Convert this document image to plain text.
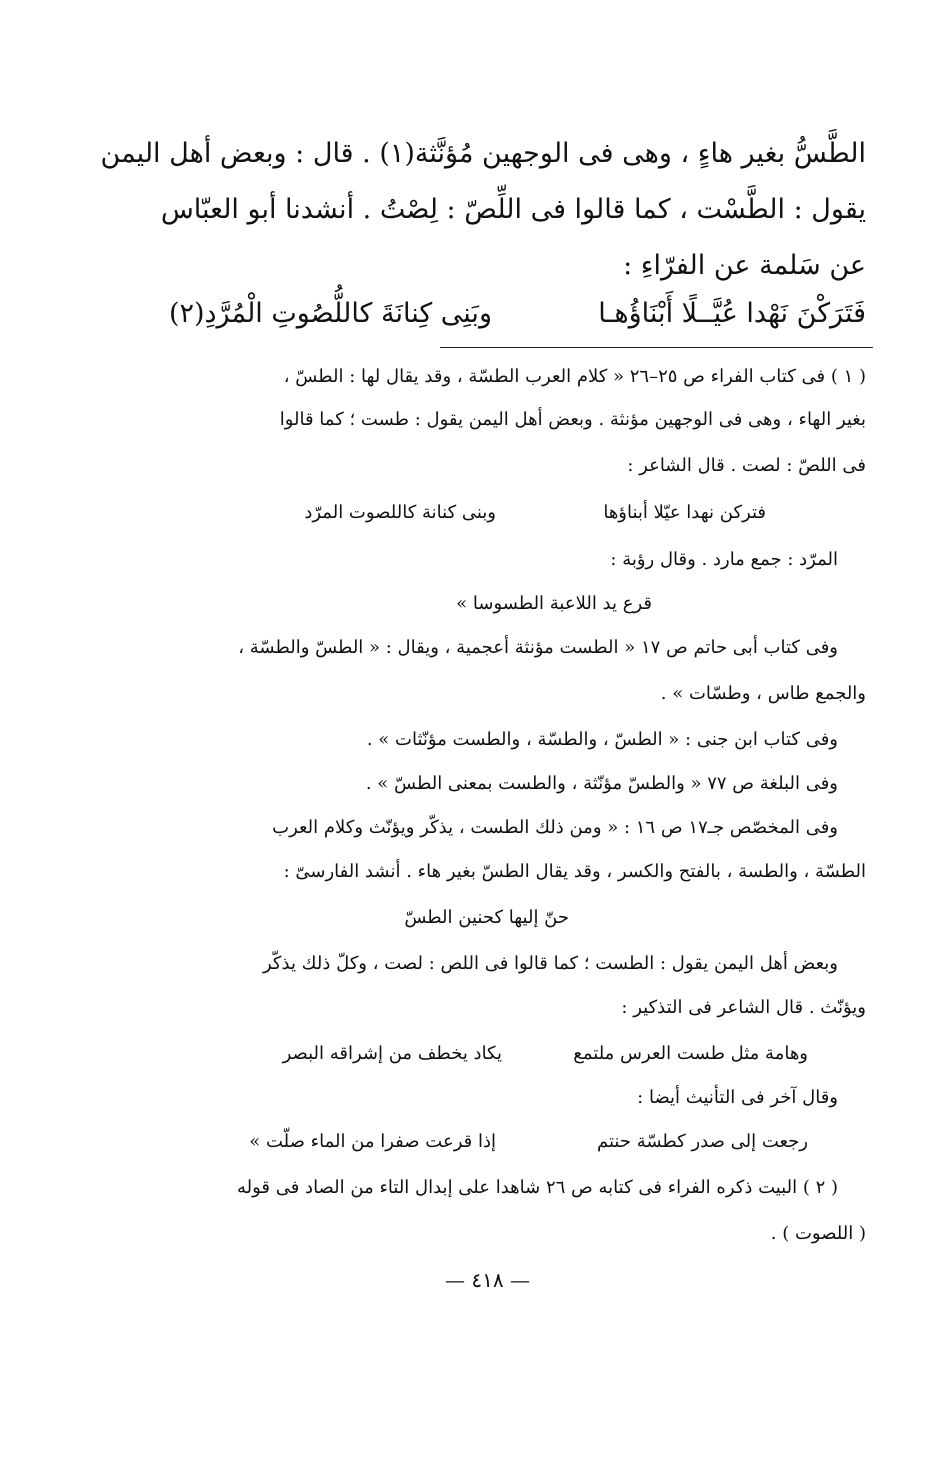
الطَّسُّ بغير هاءٍ ، وهى فى الوجهين مُؤنَّثة(١) . قال : وبعض أهل اليمن
يقول : الطَّسْت ، كما قالوا فى اللِّصّ : لِصْتُ . أنشدنا أبو العبّاس
عن سَلمة عن الفرّاءِ :
فَتَرَكْنَ نَهْدا عُيَّــلًا أَبْنَاؤُهـا
وبَنِى كِنانَةَ كاللُّصُوتِ الْمُرَّدِ(٢)
( ١ ) فى كتاب الفراء ص ٢٥–٢٦ « كلام العرب الطسّة ، وقد يقال لها : الطسّ ،
بغير الهاء ، وهى فى الوجهين مؤنثة . وبعض أهل اليمن يقول : طست ؛ كما قالوا
فى اللصّ : لصت . قال الشاعر :
فتركن نهدا عيّلا أبناؤها
وبنى كنانة كاللصوت المرّد
المرّد : جمع مارد . وقال رؤبة :
قرع يد اللاعبة الطسوسا »
وفى كتاب أبى حاتم ص ١٧ « الطست مؤنثة أعجمية ، ويقال : « الطسّ والطسّة ،
والجمع طاس ، وطسّات » .
وفى كتاب ابن جنى : « الطسّ ، والطسّة ، والطست مؤنّثات » .
وفى البلغة ص ٧٧ « والطسّ مؤنّثة ، والطست بمعنى الطسّ » .
وفى المخصّص جـ١٧ ص ١٦ : « ومن ذلك الطست ، يذكّر ويؤنّث وكلام العرب
الطسّة ، والطسة ، بالفتح والكسر ، وقد يقال الطسّ بغير هاء . أنشد الفارسىّ :
حنّ إليها كحنين الطسّ
وبعض أهل اليمن يقول : الطست ؛ كما قالوا فى اللص : لصت ، وكلّ ذلك يذكّر
ويؤنّث . قال الشاعر فى التذكير :
وهامة مثل طست العرس ملتمع
يكاد يخطف من إشراقه البصر
وقال آخر فى التأنيث أيضا :
رجعت إلى صدر كطسّة حنتم
إذا قرعت صفرا من الماء صلّت »
( ٢ ) البيت ذكره الفراء فى كتابه ص ٢٦ شاهدا على إبدال التاء من الصاد فى قوله
( اللصوت ) .
— ٤١٨ —
